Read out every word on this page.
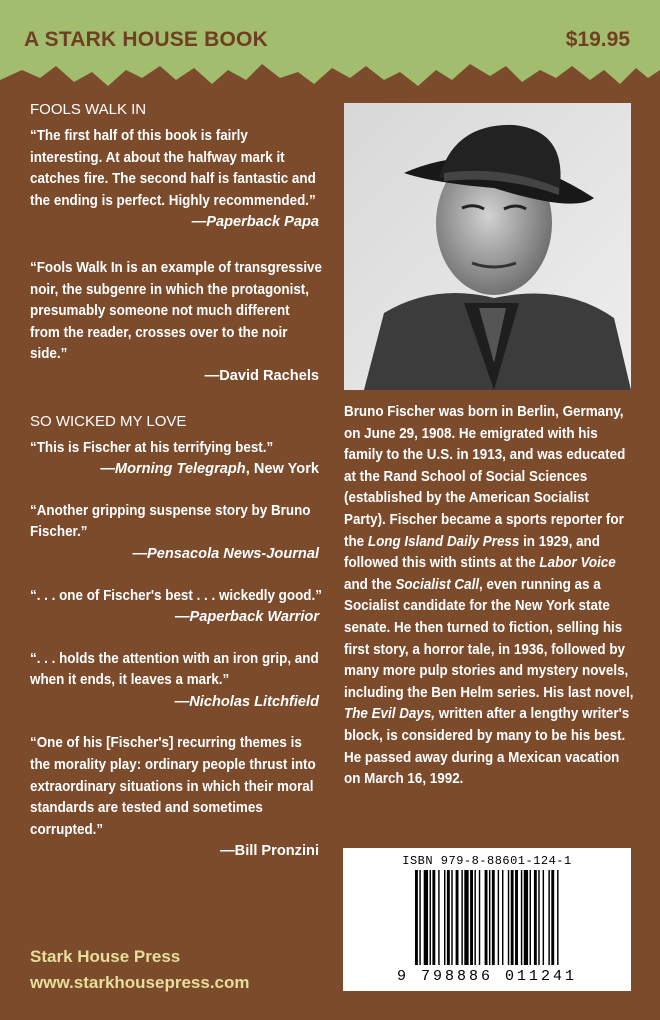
A STARK HOUSE BOOK	$19.95
FOOLS WALK IN
“The first half of this book is fairly interesting. At about the halfway mark it catches fire. The second half is fantastic and the ending is perfect. Highly recommended.”
—Paperback Papa
“Fools Walk In is an example of transgressive noir, the subgenre in which the protagonist, presumably someone not much different from the reader, crosses over to the noir side.”
—David Rachels
SO WICKED MY LOVE
“This is Fischer at his terrifying best.”
—Morning Telegraph, New York
“Another gripping suspense story by Bruno Fischer.”
—Pensacola News-Journal
“. . . one of Fischer's best . . . wickedly good.”
—Paperback Warrior
“. . . holds the attention with an iron grip, and when it ends, it leaves a mark.”
—Nicholas Litchfield
“One of his [Fischer's] recurring themes is the morality play: ordinary people thrust into extraordinary situations in which their moral standards are tested and sometimes corrupted.”
—Bill Pronzini
Stark House Press
www.starkhousepress.com
Bruno Fischer was born in Berlin, Germany, on June 29, 1908. He emigrated with his family to the U.S. in 1913, and was educated at the Rand School of Social Sciences (established by the American Socialist Party). Fischer became a sports reporter for the Long Island Daily Press in 1929, and followed this with stints at the Labor Voice and the Socialist Call, even running as a Socialist candidate for the New York state senate. He then turned to fiction, selling his first story, a horror tale, in 1936, followed by many more pulp stories and mystery novels, including the Ben Helm series. His last novel, The Evil Days, written after a lengthy writer's block, is considered by many to be his best. He passed away during a Mexican vacation on March 16, 1992.
ISBN 979-8-88601-124-1
9 798886 011241
